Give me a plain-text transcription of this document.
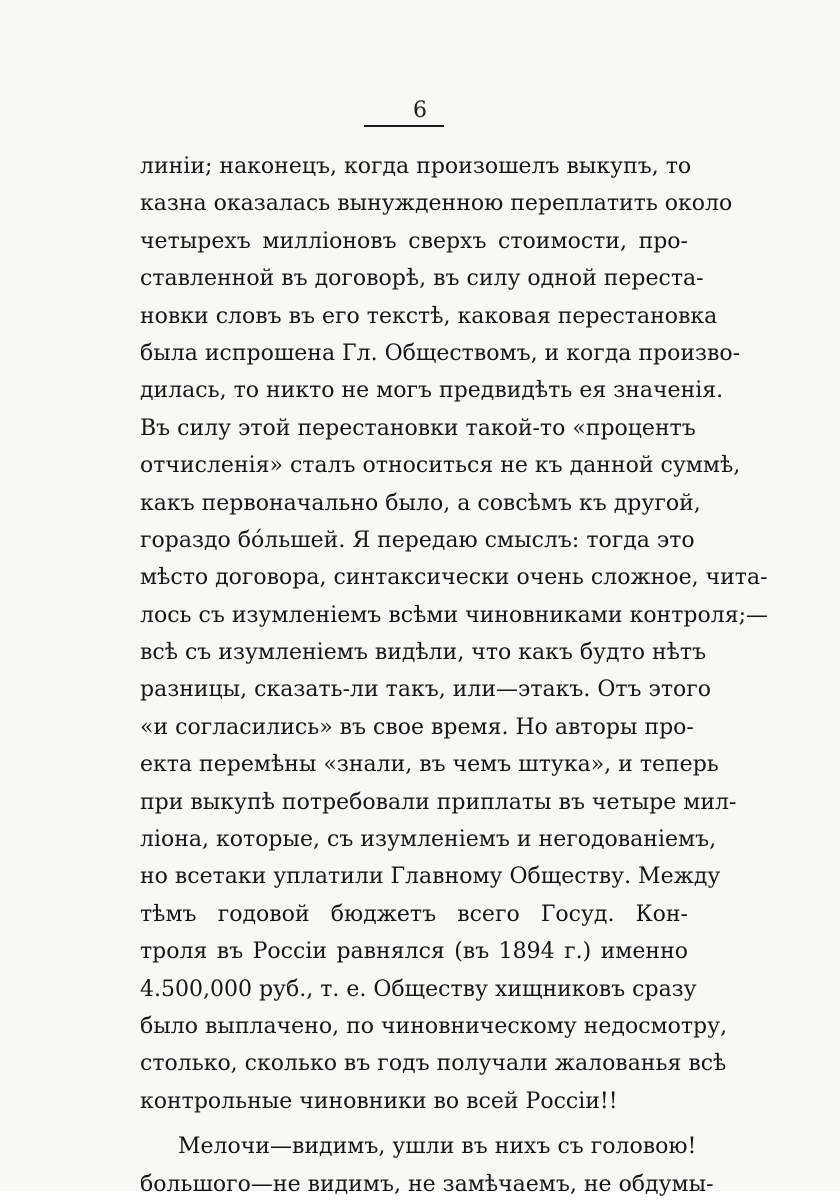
6
линiи; наконецъ, когда произошелъ выкупъ, то
казна оказалась вынужденною переплатить около
четырехъ миллiоновъ сверхъ стоимости, про-
ставленной въ договорѣ, въ силу одной переста-
новки словъ въ его текстѣ, каковая перестановка
была испрошена Гл. Обществомъ, и когда произво-
дилась, то никто не могъ предвидѣть ея значенiя.
Въ силу этой перестановки такой-то «процентъ
отчисленiя» сталъ относиться не къ данной суммѣ,
какъ первоначально было, а совсѣмъ къ другой,
гораздо бо́льшей. Я передаю смыслъ: тогда это
мѣсто договора, синтаксически очень сложное, чита-
лось съ изумленiемъ всѣми чиновниками контроля;—
всѣ съ изумленiемъ видѣли, что какъ будто нѣтъ
разницы, сказать-ли такъ, или—этакъ. Отъ этого
«и согласились» въ свое время. Но авторы про-
екта перемѣны «знали, въ чемъ штука», и теперь
при выкупѣ потребовали приплаты въ четыре мил-
лiона, которые, съ изумленiемъ и негодованiемъ,
но всетаки уплатили Главному Обществу. Между
тѣмъ годовой бюджетъ всего Госуд. Кон-
троля въ Россiи равнялся (въ 1894 г.) именно
4.500,000 руб., т. е. Обществу хищниковъ сразу
было выплачено, по чиновническому недосмотру,
столько, сколько въ годъ получали жалованья всѣ
контрольные чиновники во всей Россiи!!
Мелочи—видимъ, ушли въ нихъ съ головою!
большого—не видимъ, не замѣчаемъ, не обдумы-
